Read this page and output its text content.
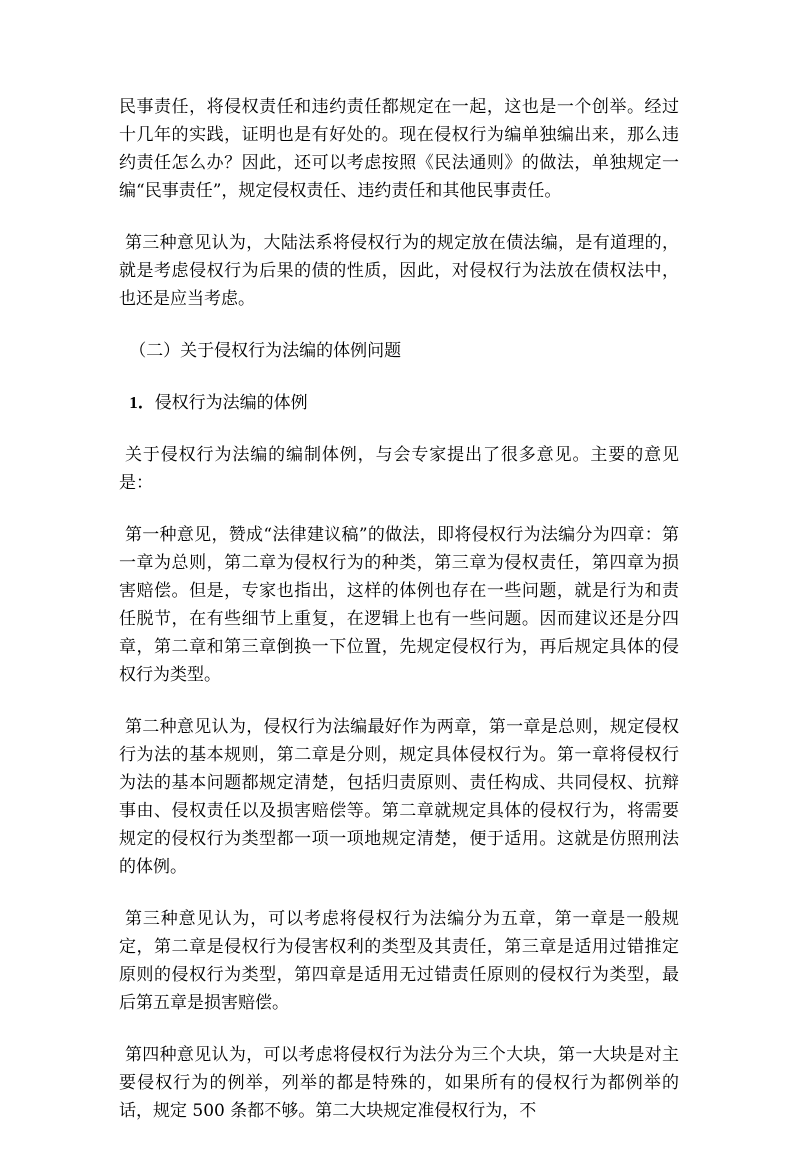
民事责任，将侵权责任和违约责任都规定在一起，这也是一个创举。经过十几年的实践，证明也是有好处的。现在侵权行为编单独编出来，那么违约责任怎么办？因此，还可以考虑按照《民法通则》的做法，单独规定一编“民事责任”，规定侵权责任、违约责任和其他民事责任。

第三种意见认为，大陆法系将侵权行为的规定放在债法编，是有道理的，就是考虑侵权行为后果的债的性质，因此，对侵权行为法放在债权法中，也还是应当考虑。

（二）关于侵权行为法编的体例问题

1．侵权行为法编的体例

关于侵权行为法编的编制体例，与会专家提出了很多意见。主要的意见是：

第一种意见，赞成“法律建议稿”的做法，即将侵权行为法编分为四章：第一章为总则，第二章为侵权行为的种类，第三章为侵权责任，第四章为损害赔偿。但是，专家也指出，这样的体例也存在一些问题，就是行为和责任脱节，在有些细节上重复，在逻辑上也有一些问题。因而建议还是分四章，第二章和第三章倒换一下位置，先规定侵权行为，再后规定具体的侵权行为类型。

第二种意见认为，侵权行为法编最好作为两章，第一章是总则，规定侵权行为法的基本规则，第二章是分则，规定具体侵权行为。第一章将侵权行为法的基本问题都规定清楚，包括归责原则、责任构成、共同侵权、抗辩事由、侵权责任以及损害赔偿等。第二章就规定具体的侵权行为，将需要规定的侵权行为类型都一项一项地规定清楚，便于适用。这就是仿照刑法的体例。

第三种意见认为，可以考虑将侵权行为法编分为五章，第一章是一般规定，第二章是侵权行为侵害权利的类型及其责任，第三章是适用过错推定原则的侵权行为类型，第四章是适用无过错责任原则的侵权行为类型，最后第五章是损害赔偿。

第四种意见认为，可以考虑将侵权行为法分为三个大块，第一大块是对主要侵权行为的例举，列举的都是特殊的，如果所有的侵权行为都例举的话，规定 500 条都不够。第二大块规定准侵权行为，不
